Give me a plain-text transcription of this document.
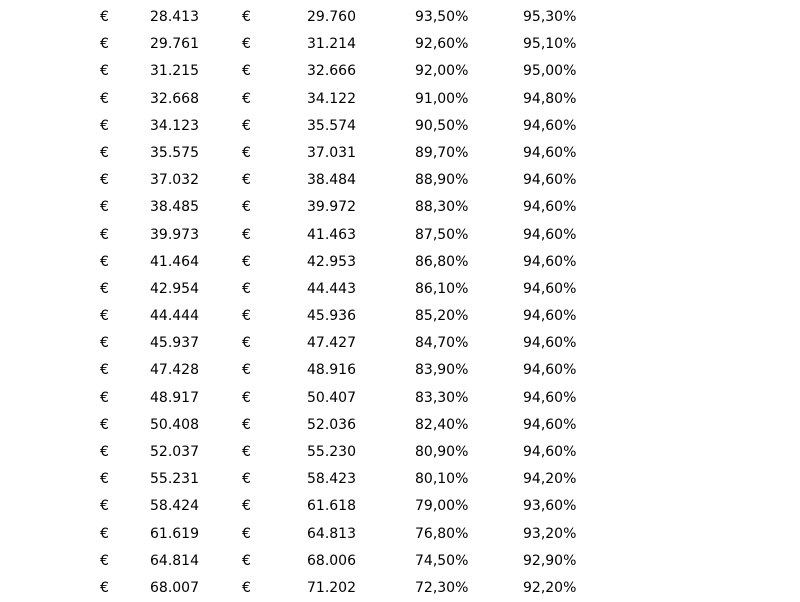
€	28.413	€	29.760	93,50%	95,30%
€	29.761	€	31.214	92,60%	95,10%
€	31.215	€	32.666	92,00%	95,00%
€	32.668	€	34.122	91,00%	94,80%
€	34.123	€	35.574	90,50%	94,60%
€	35.575	€	37.031	89,70%	94,60%
€	37.032	€	38.484	88,90%	94,60%
€	38.485	€	39.972	88,30%	94,60%
€	39.973	€	41.463	87,50%	94,60%
€	41.464	€	42.953	86,80%	94,60%
€	42.954	€	44.443	86,10%	94,60%
€	44.444	€	45.936	85,20%	94,60%
€	45.937	€	47.427	84,70%	94,60%
€	47.428	€	48.916	83,90%	94,60%
€	48.917	€	50.407	83,30%	94,60%
€	50.408	€	52.036	82,40%	94,60%
€	52.037	€	55.230	80,90%	94,60%
€	55.231	€	58.423	80,10%	94,20%
€	58.424	€	61.618	79,00%	93,60%
€	61.619	€	64.813	76,80%	93,20%
€	64.814	€	68.006	74,50%	92,90%
€	68.007	€	71.202	72,30%	92,20%
